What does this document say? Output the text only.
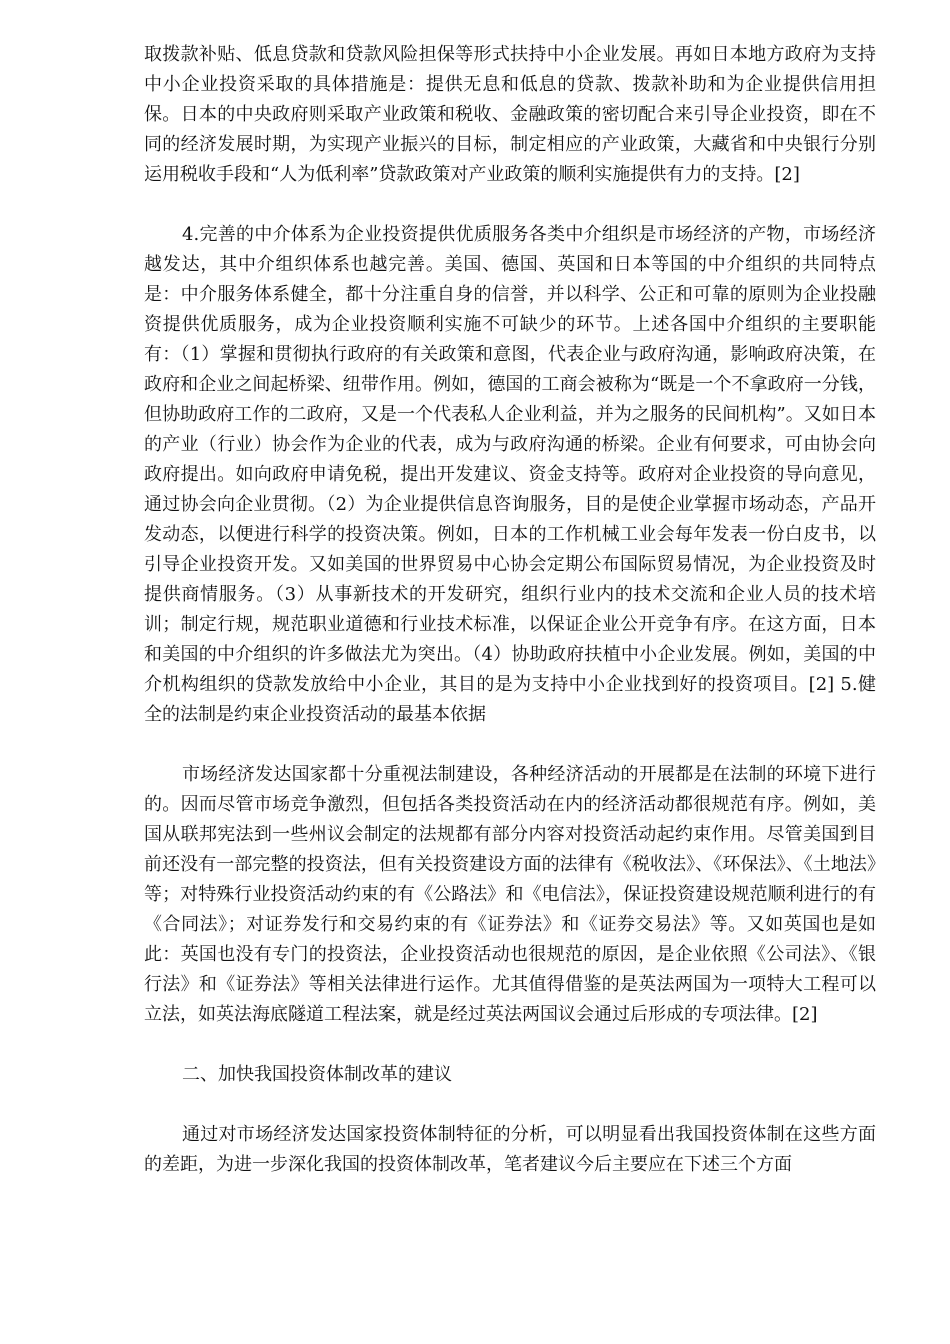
取拨款补贴、低息贷款和贷款风险担保等形式扶持中小企业发展。再如日本地方政府为支持中小企业投资采取的具体措施是：提供无息和低息的贷款、拨款补助和为企业提供信用担保。日本的中央政府则采取产业政策和税收、金融政策的密切配合来引导企业投资，即在不同的经济发展时期，为实现产业振兴的目标，制定相应的产业政策，大藏省和中央银行分别运用税收手段和“人为低利率”贷款政策对产业政策的顺利实施提供有力的支持。[2]

4.完善的中介体系为企业投资提供优质服务各类中介组织是市场经济的产物，市场经济越发达，其中介组织体系也越完善。美国、德国、英国和日本等国的中介组织的共同特点是：中介服务体系健全，都十分注重自身的信誉，并以科学、公正和可靠的原则为企业投融资提供优质服务，成为企业投资顺利实施不可缺少的环节。上述各国中介组织的主要职能有：（1）掌握和贯彻执行政府的有关政策和意图，代表企业与政府沟通，影响政府决策，在政府和企业之间起桥梁、纽带作用。例如，德国的工商会被称为“既是一个不拿政府一分钱，但协助政府工作的二政府，又是一个代表私人企业利益，并为之服务的民间机构”。又如日本的产业（行业）协会作为企业的代表，成为与政府沟通的桥梁。企业有何要求，可由协会向政府提出。如向政府申请免税，提出开发建议、资金支持等。政府对企业投资的导向意见，通过协会向企业贯彻。（2）为企业提供信息咨询服务，目的是使企业掌握市场动态，产品开发动态，以便进行科学的投资决策。例如，日本的工作机械工业会每年发表一份白皮书，以引导企业投资开发。又如美国的世界贸易中心协会定期公布国际贸易情况，为企业投资及时提供商情服务。（3）从事新技术的开发研究，组织行业内的技术交流和企业人员的技术培训；制定行规，规范职业道德和行业技术标准，以保证企业公开竞争有序。在这方面，日本和美国的中介组织的许多做法尤为突出。（4）协助政府扶植中小企业发展。例如，美国的中介机构组织的贷款发放给中小企业，其目的是为支持中小企业找到好的投资项目。[2] 5.健全的法制是约束企业投资活动的最基本依据

市场经济发达国家都十分重视法制建设，各种经济活动的开展都是在法制的环境下进行的。因而尽管市场竞争激烈，但包括各类投资活动在内的经济活动都很规范有序。例如，美国从联邦宪法到一些州议会制定的法规都有部分内容对投资活动起约束作用。尽管美国到目前还没有一部完整的投资法，但有关投资建设方面的法律有《税收法》、《环保法》、《土地法》等；对特殊行业投资活动约束的有《公路法》和《电信法》，保证投资建设规范顺利进行的有《合同法》；对证券发行和交易约束的有《证券法》和《证券交易法》等。又如英国也是如此：英国也没有专门的投资法，企业投资活动也很规范的原因，是企业依照《公司法》、《银行法》和《证券法》等相关法律进行运作。尤其值得借鉴的是英法两国为一项特大工程可以立法，如英法海底隧道工程法案，就是经过英法两国议会通过后形成的专项法律。[2]

二、加快我国投资体制改革的建议

通过对市场经济发达国家投资体制特征的分析，可以明显看出我国投资体制在这些方面的差距，为进一步深化我国的投资体制改革，笔者建议今后主要应在下述三个方面
